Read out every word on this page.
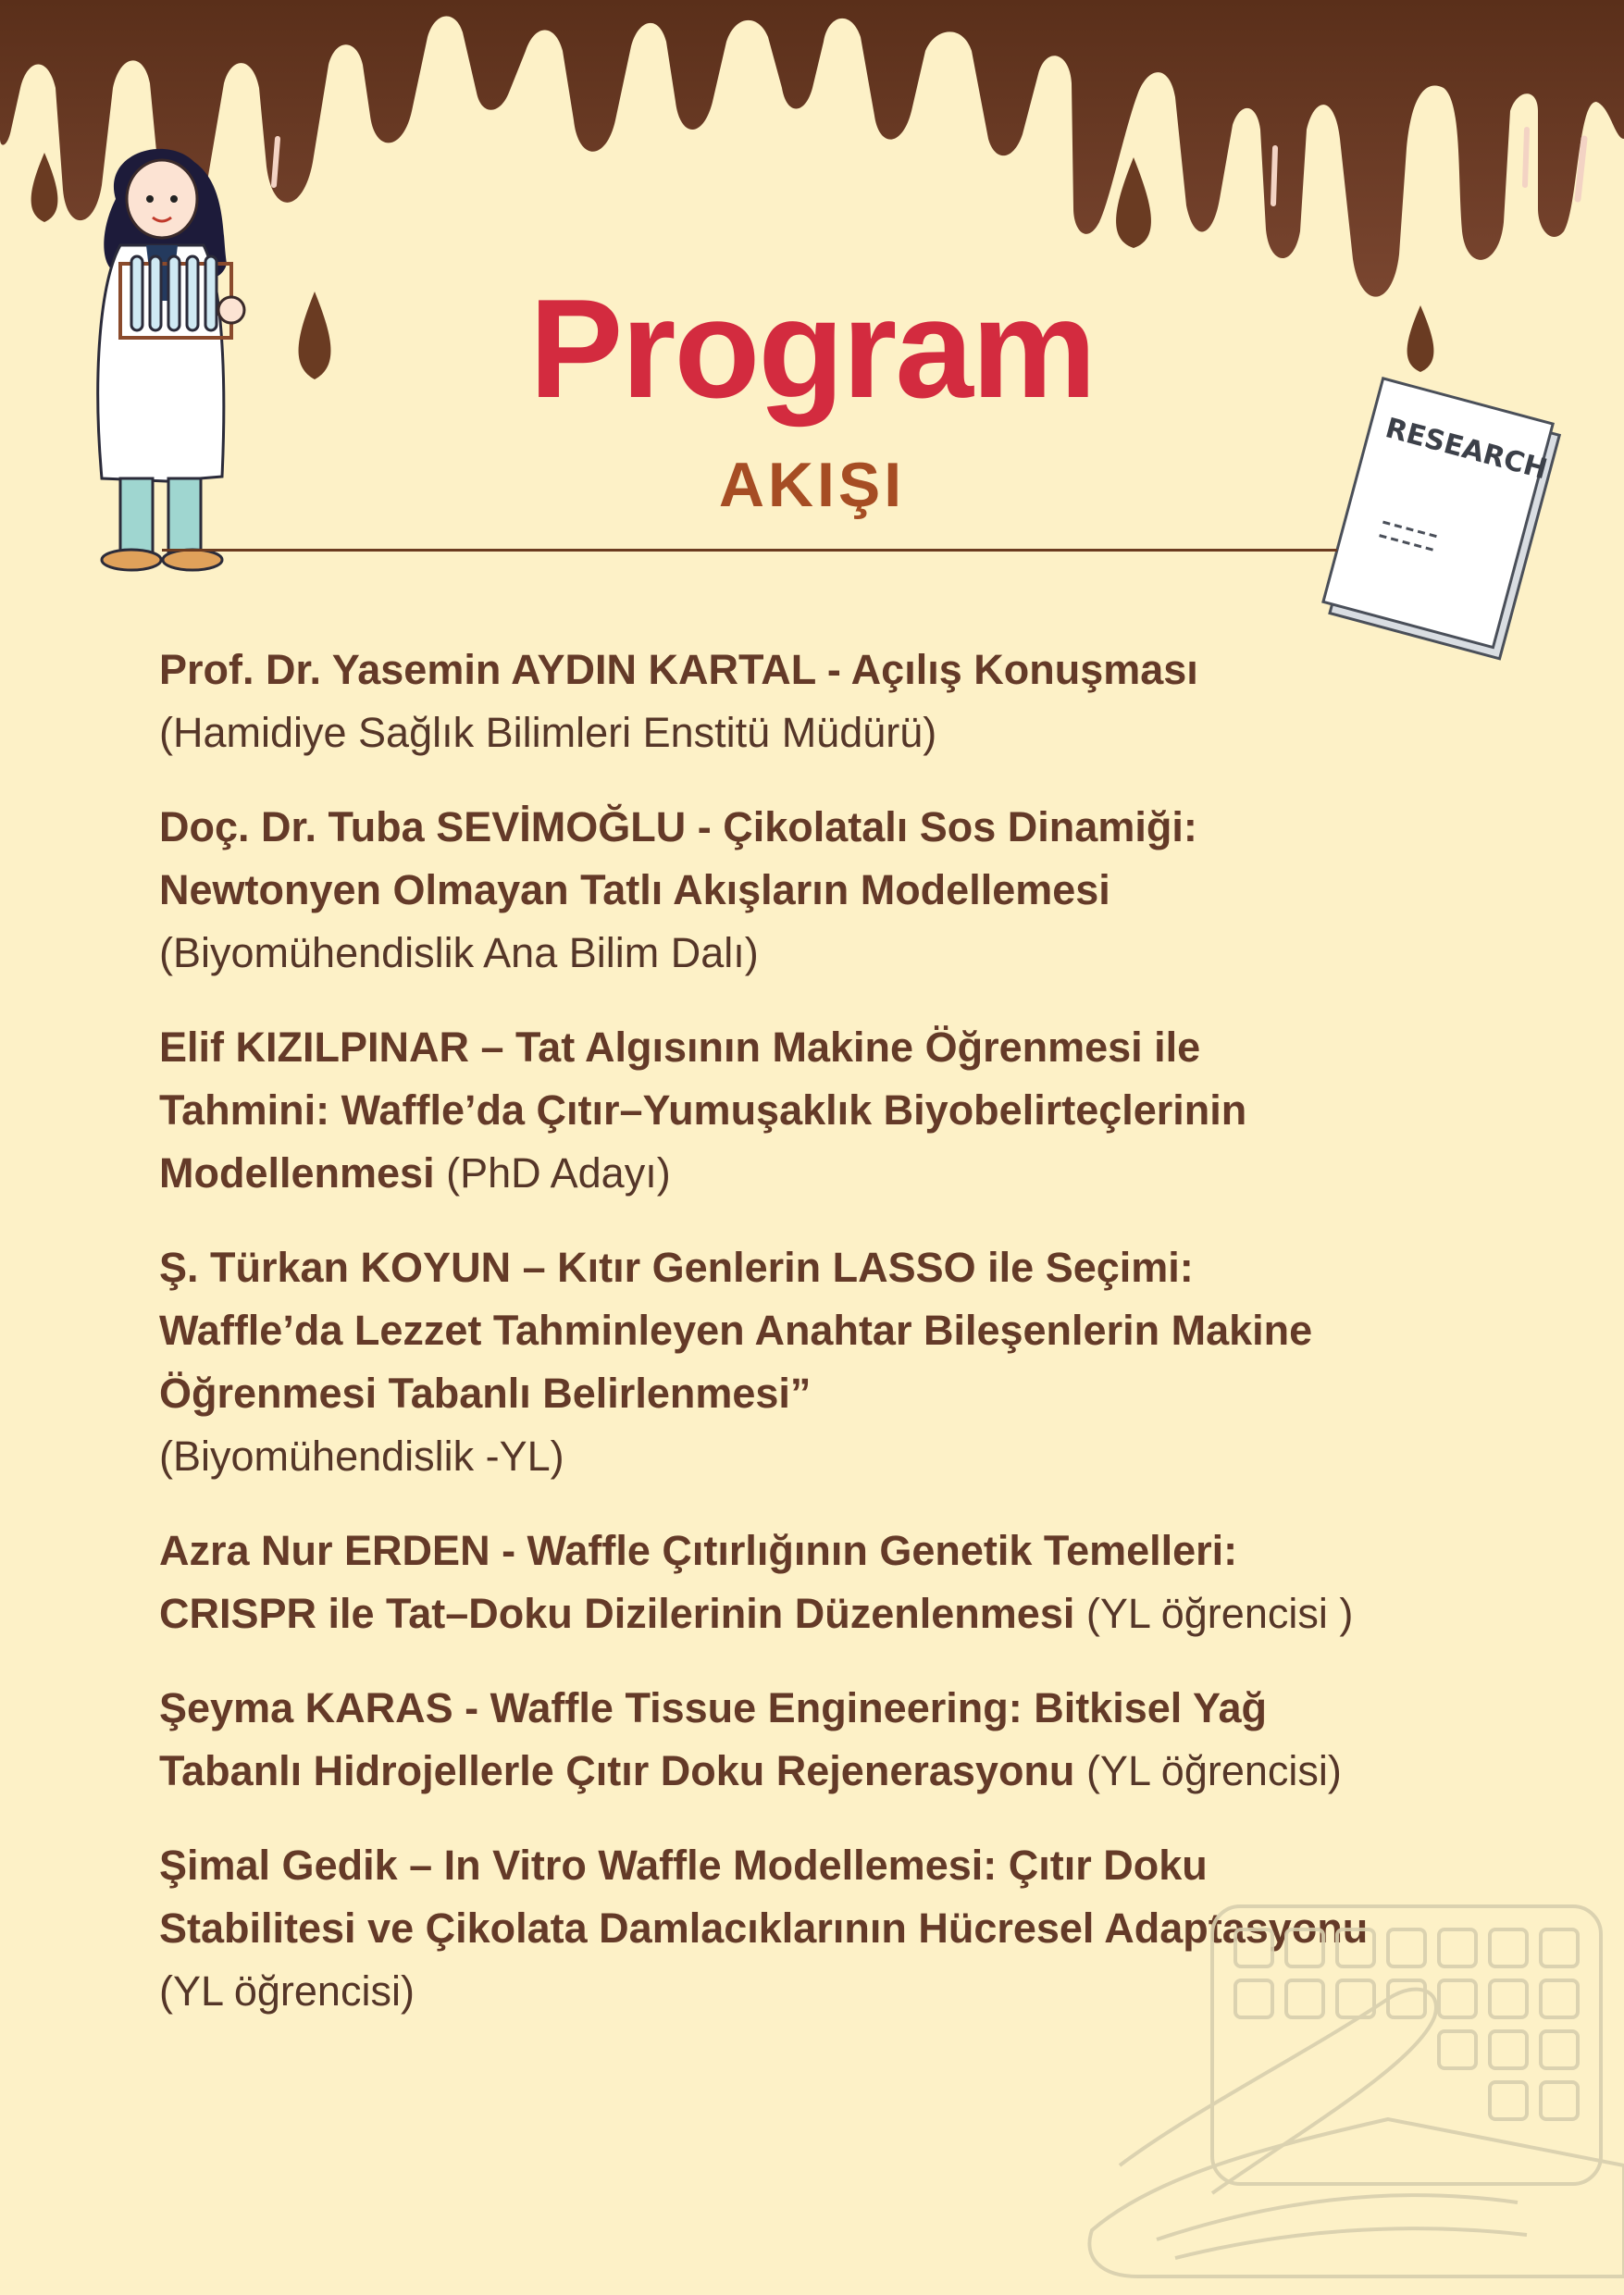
RESEARCH
Program
AKIŞI

Prof. Dr. Yasemin AYDIN KARTAL - Açılış Konuşması
(Hamidiye Sağlık Bilimleri Enstitü Müdürü)

Doç. Dr. Tuba SEVİMOĞLU - Çikolatalı Sos Dinamiği: Newtonyen Olmayan Tatlı Akışların Modellemesi
(Biyomühendislik Ana Bilim Dalı)

Elif KIZILPINAR – Tat Algısının Makine Öğrenmesi ile Tahmini: Waffle’da Çıtır–Yumuşaklık Biyobelirteçlerinin Modellenmesi (PhD Adayı)

Ş. Türkan KOYUN – Kıtır Genlerin LASSO ile Seçimi: Waffle’da Lezzet Tahminleyen Anahtar Bileşenlerin Makine Öğrenmesi Tabanlı Belirlenmesi”
(Biyomühendislik -YL)

Azra Nur ERDEN - Waffle Çıtırlığının Genetik Temelleri: CRISPR ile Tat–Doku Dizilerinin Düzenlenmesi (YL öğrencisi )

Şeyma KARAS - Waffle Tissue Engineering: Bitkisel Yağ Tabanlı Hidrojellerle Çıtır Doku Rejenerasyonu (YL öğrencisi)

Şimal Gedik – In Vitro Waffle Modellemesi: Çıtır Doku Stabilitesi ve Çikolata Damlacıklarının Hücresel Adaptasyonu (YL öğrencisi)
